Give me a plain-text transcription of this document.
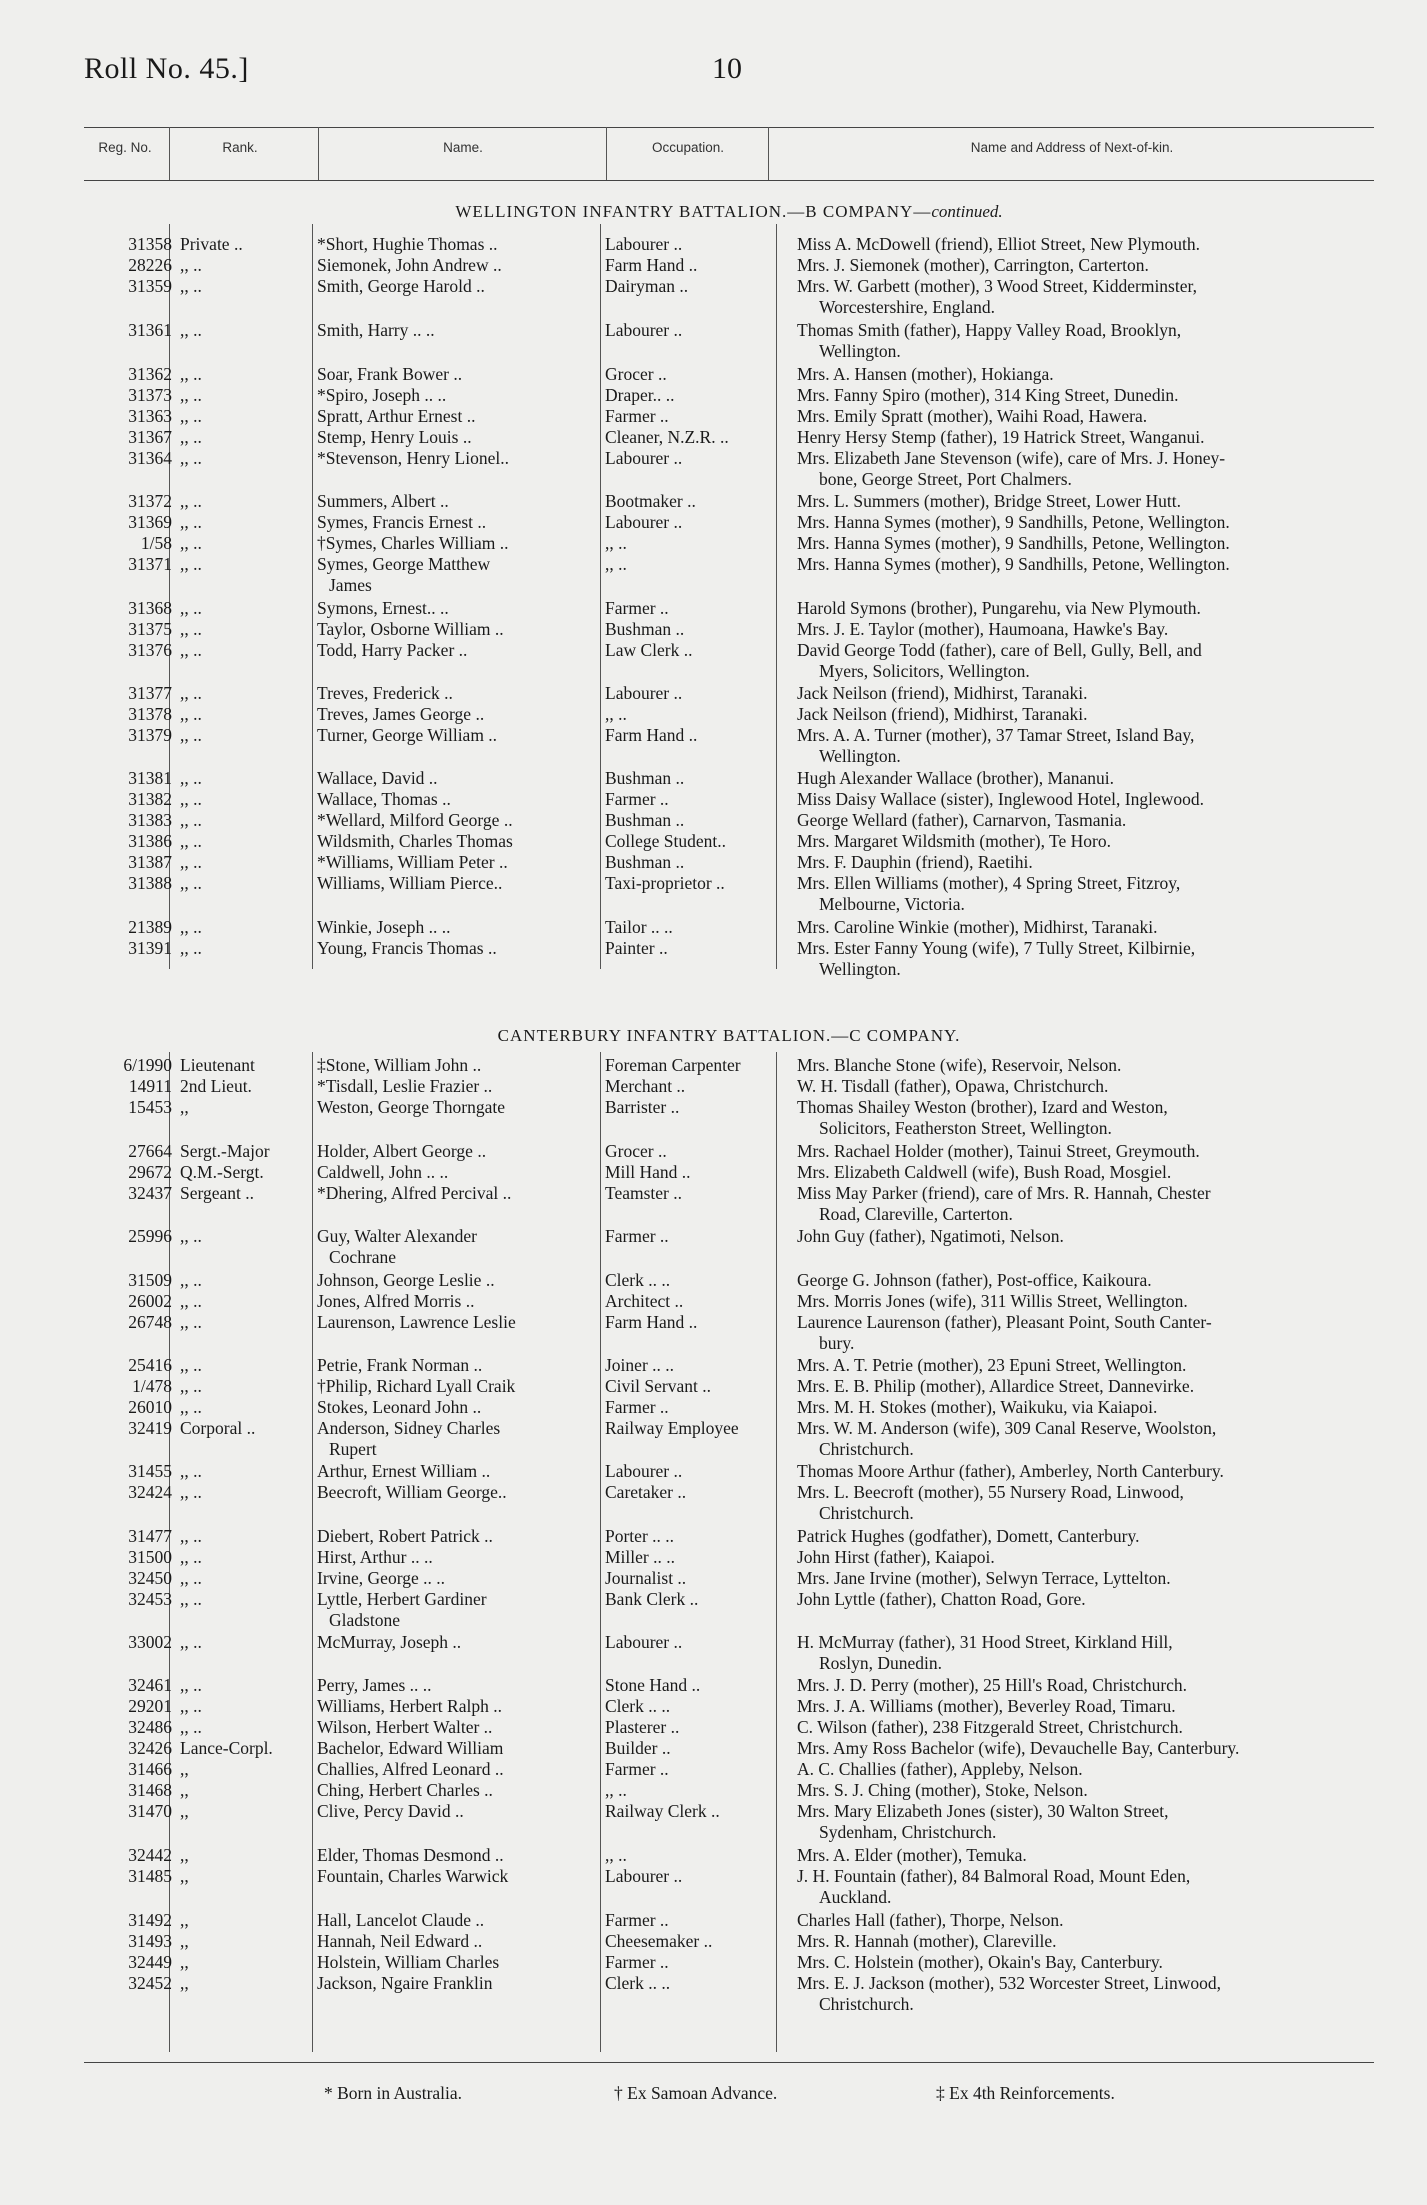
Roll No. 45.]	10
Reg. No.	Rank.	Name.	Occupation.	Name and Address of Next-of-kin.
WELLINGTON INFANTRY BATTALION.—B COMPANY—continued.
31358 Private ..	*Short, Hughie Thomas ..	Labourer ..	Miss A. McDowell (friend), Elliot Street, New Plymouth.
28226 ,, ..	Siemonek, John Andrew ..	Farm Hand ..	Mrs. J. Siemonek (mother), Carrington, Carterton.
31359 ,, ..	Smith, George Harold ..	Dairyman ..	Mrs. W. Garbett (mother), 3 Wood Street, Kidderminster,
Worcestershire, England.
31361 ,, ..	Smith, Harry .. ..	Labourer ..	Thomas Smith (father), Happy Valley Road, Brooklyn,
Wellington.
31362 ,, ..	Soar, Frank Bower ..	Grocer ..	Mrs. A. Hansen (mother), Hokianga.
31373 ,, ..	*Spiro, Joseph .. ..	Draper.. ..	Mrs. Fanny Spiro (mother), 314 King Street, Dunedin.
31363 ,, ..	Spratt, Arthur Ernest ..	Farmer ..	Mrs. Emily Spratt (mother), Waihi Road, Hawera.
31367 ,, ..	Stemp, Henry Louis ..	Cleaner, N.Z.R. ..	Henry Hersy Stemp (father), 19 Hatrick Street, Wanganui.
31364 ,, ..	*Stevenson, Henry Lionel..	Labourer ..	Mrs. Elizabeth Jane Stevenson (wife), care of Mrs. J. Honey-
bone, George Street, Port Chalmers.
31372 ,, ..	Summers, Albert ..	Bootmaker ..	Mrs. L. Summers (mother), Bridge Street, Lower Hutt.
31369 ,, ..	Symes, Francis Ernest ..	Labourer ..	Mrs. Hanna Symes (mother), 9 Sandhills, Petone, Wellington.
1/58 ,, ..	†Symes, Charles William ..	,, ..	Mrs. Hanna Symes (mother), 9 Sandhills, Petone, Wellington.
31371 ,, ..	Symes, George Matthew
James
,, ..	Mrs. Hanna Symes (mother), 9 Sandhills, Petone, Wellington.
31368 ,, ..	Symons, Ernest.. ..	Farmer ..	Harold Symons (brother), Pungarehu, via New Plymouth.
31375 ,, ..	Taylor, Osborne William ..	Bushman ..	Mrs. J. E. Taylor (mother), Haumoana, Hawke's Bay.
31376 ,, ..	Todd, Harry Packer ..	Law Clerk ..	David George Todd (father), care of Bell, Gully, Bell, and
Myers, Solicitors, Wellington.
31377 ,, ..	Treves, Frederick ..	Labourer ..	Jack Neilson (friend), Midhirst, Taranaki.
31378 ,, ..	Treves, James George ..	,, ..	Jack Neilson (friend), Midhirst, Taranaki.
31379 ,, ..	Turner, George William ..	Farm Hand ..	Mrs. A. A. Turner (mother), 37 Tamar Street, Island Bay,
Wellington.
31381 ,, ..	Wallace, David ..	Bushman ..	Hugh Alexander Wallace (brother), Mananui.
31382 ,, ..	Wallace, Thomas ..	Farmer ..	Miss Daisy Wallace (sister), Inglewood Hotel, Inglewood.
31383 ,, ..	*Wellard, Milford George ..	Bushman ..	George Wellard (father), Carnarvon, Tasmania.
31386 ,, ..	Wildsmith, Charles Thomas	College Student..	Mrs. Margaret Wildsmith (mother), Te Horo.
31387 ,, ..	*Williams, William Peter ..	Bushman ..	Mrs. F. Dauphin (friend), Raetihi.
31388 ,, ..	Williams, William Pierce..	Taxi-proprietor ..	Mrs. Ellen Williams (mother), 4 Spring Street, Fitzroy,
Melbourne, Victoria.
21389 ,, ..	Winkie, Joseph .. ..	Tailor .. ..	Mrs. Caroline Winkie (mother), Midhirst, Taranaki.
31391 ,, ..	Young, Francis Thomas ..	Painter ..	Mrs. Ester Fanny Young (wife), 7 Tully Street, Kilbirnie,
Wellington.
CANTERBURY INFANTRY BATTALION.—C COMPANY.
6/1990 Lieutenant	‡Stone, William John ..	Foreman Carpenter	Mrs. Blanche Stone (wife), Reservoir, Nelson.
14911 2nd Lieut.	*Tisdall, Leslie Frazier ..	Merchant ..	W. H. Tisdall (father), Opawa, Christchurch.
15453 ,,	Weston, George Thorngate	Barrister ..	Thomas Shailey Weston (brother), Izard and Weston,
Solicitors, Featherston Street, Wellington.
27664 Sergt.-Major	Holder, Albert George ..	Grocer ..	Mrs. Rachael Holder (mother), Tainui Street, Greymouth.
29672 Q.M.-Sergt.	Caldwell, John .. ..	Mill Hand ..	Mrs. Elizabeth Caldwell (wife), Bush Road, Mosgiel.
32437 Sergeant ..	*Dhering, Alfred Percival ..	Teamster ..	Miss May Parker (friend), care of Mrs. R. Hannah, Chester
Road, Clareville, Carterton.
25996 ,, ..	Guy, Walter Alexander
Cochrane
Farmer ..	John Guy (father), Ngatimoti, Nelson.
31509 ,, ..	Johnson, George Leslie ..	Clerk .. ..	George G. Johnson (father), Post-office, Kaikoura.
26002 ,, ..	Jones, Alfred Morris ..	Architect ..	Mrs. Morris Jones (wife), 311 Willis Street, Wellington.
26748 ,, ..	Laurenson, Lawrence Leslie	Farm Hand ..	Laurence Laurenson (father), Pleasant Point, South Canter-
bury.
25416 ,, ..	Petrie, Frank Norman ..	Joiner .. ..	Mrs. A. T. Petrie (mother), 23 Epuni Street, Wellington.
1/478 ,, ..	†Philip, Richard Lyall Craik	Civil Servant ..	Mrs. E. B. Philip (mother), Allardice Street, Dannevirke.
26010 ,, ..	Stokes, Leonard John ..	Farmer ..	Mrs. M. H. Stokes (mother), Waikuku, via Kaiapoi.
32419 Corporal ..	Anderson, Sidney Charles
Rupert
Railway Employee	Mrs. W. M. Anderson (wife), 309 Canal Reserve, Woolston,
Christchurch.
31455 ,, ..	Arthur, Ernest William ..	Labourer ..	Thomas Moore Arthur (father), Amberley, North Canterbury.
32424 ,, ..	Beecroft, William George..	Caretaker ..	Mrs. L. Beecroft (mother), 55 Nursery Road, Linwood,
Christchurch.
31477 ,, ..	Diebert, Robert Patrick ..	Porter .. ..	Patrick Hughes (godfather), Domett, Canterbury.
31500 ,, ..	Hirst, Arthur .. ..	Miller .. ..	John Hirst (father), Kaiapoi.
32450 ,, ..	Irvine, George .. ..	Journalist ..	Mrs. Jane Irvine (mother), Selwyn Terrace, Lyttelton.
32453 ,, ..	Lyttle, Herbert Gardiner
Gladstone
Bank Clerk ..	John Lyttle (father), Chatton Road, Gore.
33002 ,, ..	McMurray, Joseph ..	Labourer ..	H. McMurray (father), 31 Hood Street, Kirkland Hill,
Roslyn, Dunedin.
32461 ,, ..	Perry, James .. ..	Stone Hand ..	Mrs. J. D. Perry (mother), 25 Hill's Road, Christchurch.
29201 ,, ..	Williams, Herbert Ralph ..	Clerk .. ..	Mrs. J. A. Williams (mother), Beverley Road, Timaru.
32486 ,, ..	Wilson, Herbert Walter ..	Plasterer ..	C. Wilson (father), 238 Fitzgerald Street, Christchurch.
32426 Lance-Corpl.	Bachelor, Edward William	Builder ..	Mrs. Amy Ross Bachelor (wife), Devauchelle Bay, Canterbury.
31466 ,,	Challies, Alfred Leonard ..	Farmer ..	A. C. Challies (father), Appleby, Nelson.
31468 ,,	Ching, Herbert Charles ..	,, ..	Mrs. S. J. Ching (mother), Stoke, Nelson.
31470 ,,	Clive, Percy David ..	Railway Clerk ..	Mrs. Mary Elizabeth Jones (sister), 30 Walton Street,
Sydenham, Christchurch.
32442 ,,	Elder, Thomas Desmond ..	,, ..	Mrs. A. Elder (mother), Temuka.
31485 ,,	Fountain, Charles Warwick	Labourer ..	J. H. Fountain (father), 84 Balmoral Road, Mount Eden,
Auckland.
31492 ,,	Hall, Lancelot Claude ..	Farmer ..	Charles Hall (father), Thorpe, Nelson.
31493 ,,	Hannah, Neil Edward ..	Cheesemaker ..	Mrs. R. Hannah (mother), Clareville.
32449 ,,	Holstein, William Charles	Farmer ..	Mrs. C. Holstein (mother), Okain's Bay, Canterbury.
32452 ,,	Jackson, Ngaire Franklin	Clerk .. ..	Mrs. E. J. Jackson (mother), 532 Worcester Street, Linwood,
Christchurch.
* Born in Australia.	† Ex Samoan Advance.	‡ Ex 4th Reinforcements.
